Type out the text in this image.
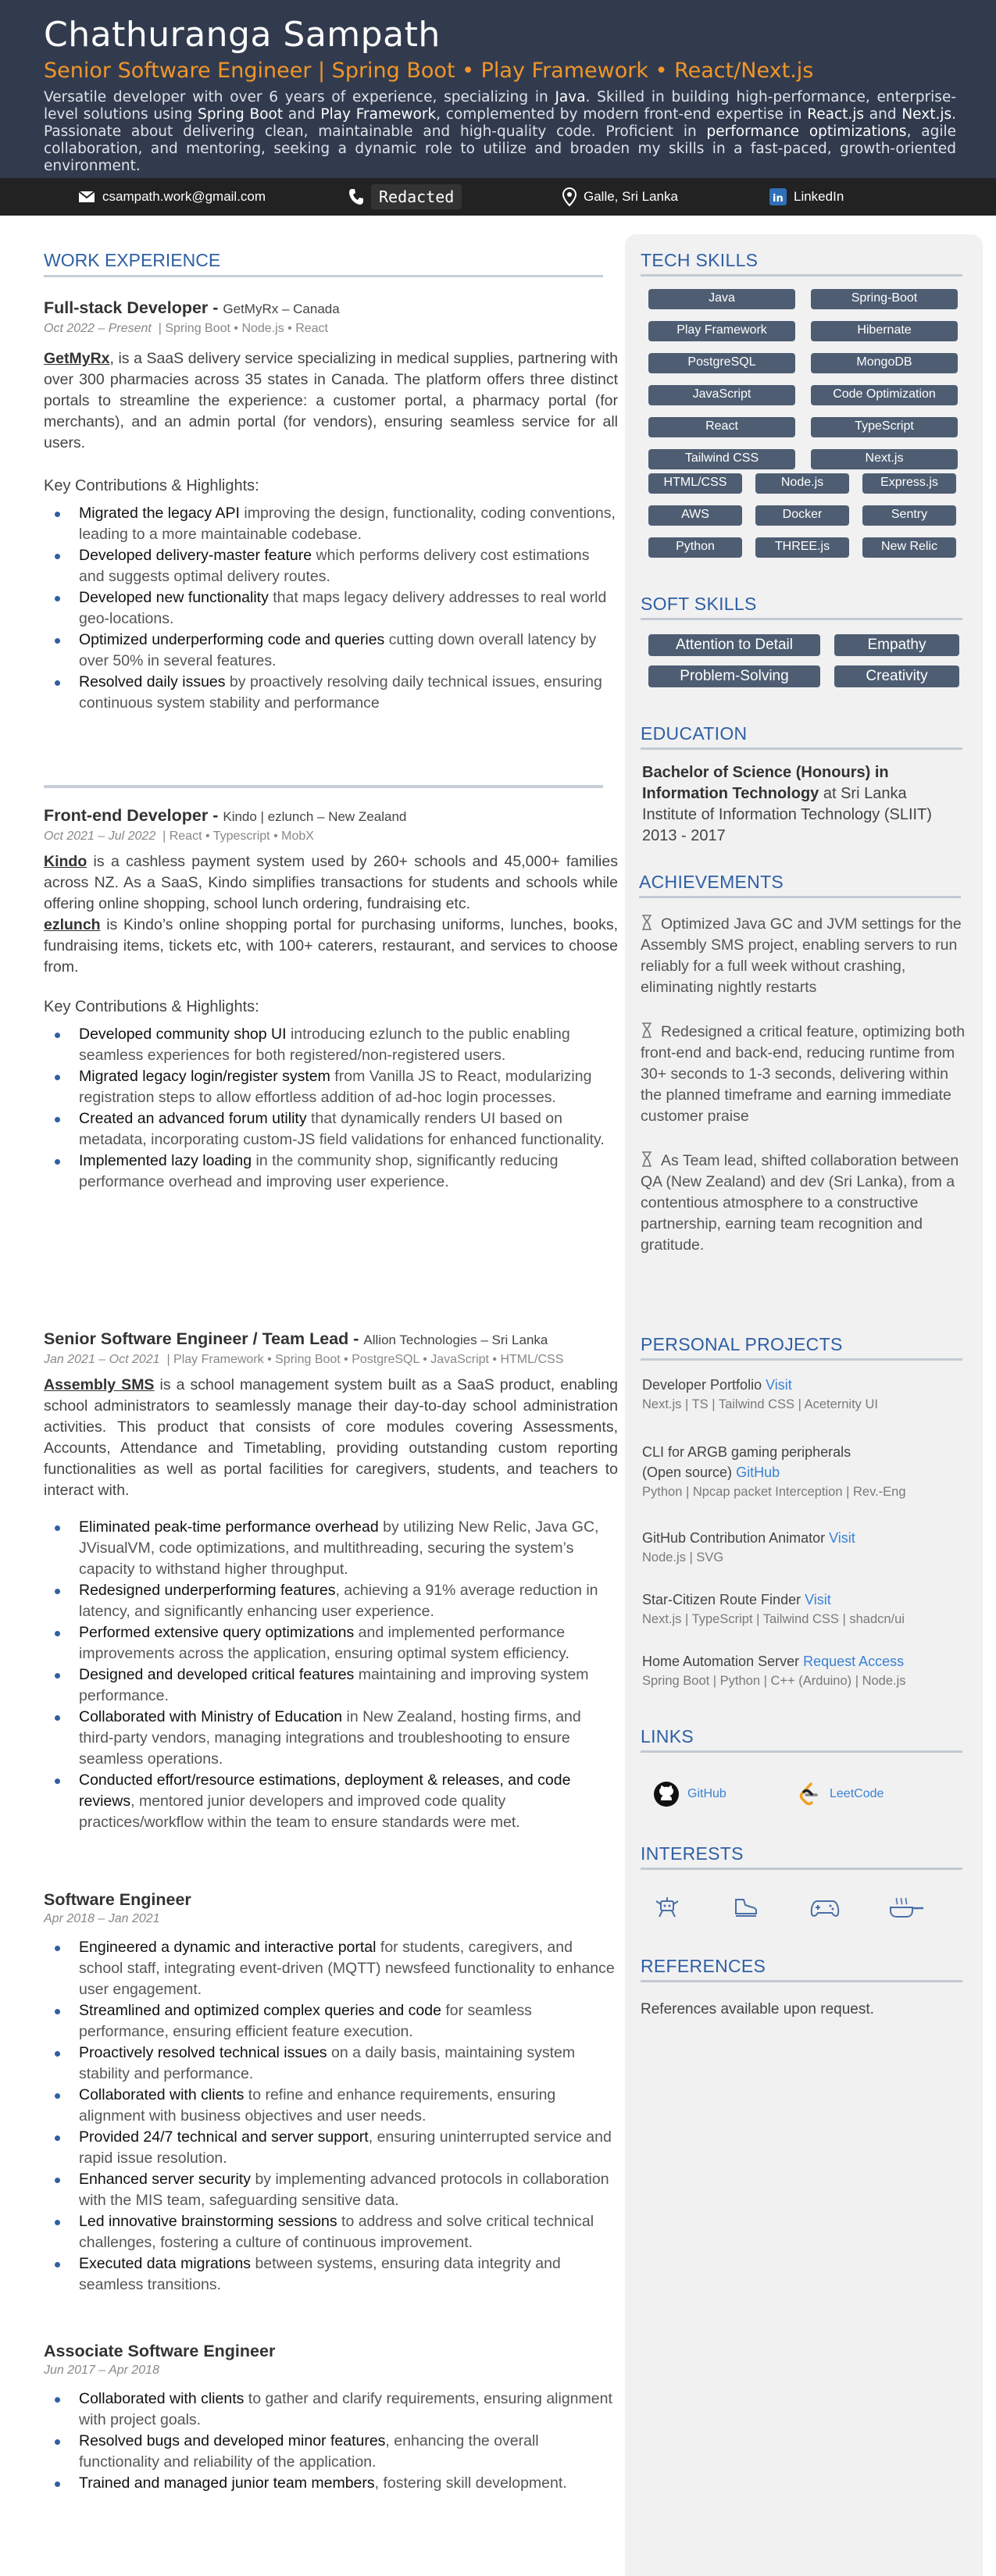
Chathuranga Sampath
Senior Software Engineer | Spring Boot • Play Framework • React/Next.js
Versatile developer with over 6 years of experience, specializing in Java. Skilled in building high-performance, enterprise-level solutions using Spring Boot and Play Framework, complemented by modern front-end expertise in React.js and Next.js. Passionate about delivering clean, maintainable and high-quality code. Proficient in performance optimizations, agile collaboration, and mentoring, seeking a dynamic role to utilize and broaden my skills in a fast-paced, growth-oriented environment.
csampath.work@gmail.com	Redacted	Galle, Sri Lanka	in LinkedIn
TECH SKILLS
Java	Spring-Boot
Play Framework	Hibernate
PostgreSQL	MongoDB
JavaScript	Code Optimization
React	TypeScript
Tailwind CSS	Next.js
HTML/CSS	Node.js	Express.js
AWS	Docker	Sentry
Python	THREE.js	New Relic
SOFT SKILLS
Attention to Detail	Empathy
Problem-Solving	Creativity
EDUCATION
Bachelor of Science (Honours) in Information Technology at Sri Lanka Institute of Information Technology (SLIIT)
2013 - 2017
ACHIEVEMENTS
Optimized Java GC and JVM settings for the Assembly SMS project, enabling servers to run reliably for a full week without crashing, eliminating nightly restarts
Redesigned a critical feature, optimizing both front-end and back-end, reducing runtime from 30+ seconds to 1-3 seconds, delivering within the planned timeframe and earning immediate customer praise
As Team lead, shifted collaboration between QA (New Zealand) and dev (Sri Lanka), from a contentious atmosphere to a constructive partnership, earning team recognition and gratitude.
PERSONAL PROJECTS
Developer Portfolio Visit
Next.js | TS | Tailwind CSS | Aceternity UI
CLI for ARGB gaming peripherals
(Open source) GitHub
Python | Npcap packet Interception | Rev.-Eng
GitHub Contribution Animator Visit
Node.js | SVG
Star-Citizen Route Finder Visit
Next.js | TypeScript | Tailwind CSS | shadcn/ui
Home Automation Server Request Access
Spring Boot | Python | C++ (Arduino) | Node.js
LINKS
GitHub	LeetCode
INTERESTS
REFERENCES
References available upon request.
WORK EXPERIENCE
Full-stack Developer - GetMyRx – Canada
Oct 2022 – Present | Spring Boot • Node.js • React
GetMyRx, is a SaaS delivery service specializing in medical supplies, partnering with over 300 pharmacies across 35 states in Canada. The platform offers three distinct portals to streamline the experience: a customer portal, a pharmacy portal (for merchants), and an admin portal (for vendors), ensuring seamless service for all users.
Key Contributions & Highlights:
Migrated the legacy API improving the design, functionality, coding conventions, leading to a more maintainable codebase.
Developed delivery-master feature which performs delivery cost estimations and suggests optimal delivery routes.
Developed new functionality that maps legacy delivery addresses to real world geo-locations.
Optimized underperforming code and queries cutting down overall latency by over 50% in several features.
Resolved daily issues by proactively resolving daily technical issues, ensuring continuous system stability and performance
Front-end Developer - Kindo | ezlunch – New Zealand
Oct 2021 – Jul 2022 | React • Typescript • MobX
Kindo is a cashless payment system used by 260+ schools and 45,000+ families across NZ. As a SaaS, Kindo simplifies transactions for students and schools while offering online shopping, school lunch ordering, fundraising etc.
ezlunch is Kindo’s online shopping portal for purchasing uniforms, lunches, books, fundraising items, tickets etc, with 100+ caterers, restaurant, and services to choose from.
Key Contributions & Highlights:
Developed community shop UI introducing ezlunch to the public enabling seamless experiences for both registered/non-registered users.
Migrated legacy login/register system from Vanilla JS to React, modularizing registration steps to allow effortless addition of ad-hoc login processes.
Created an advanced forum utility that dynamically renders UI based on metadata, incorporating custom-JS field validations for enhanced functionality.
Implemented lazy loading in the community shop, significantly reducing performance overhead and improving user experience.
Senior Software Engineer / Team Lead - Allion Technologies – Sri Lanka
Jan 2021 – Oct 2021 | Play Framework • Spring Boot • PostgreSQL • JavaScript • HTML/CSS
Assembly SMS is a school management system built as a SaaS product, enabling school administrators to seamlessly manage their day-to-day school administration activities. This product that consists of core modules covering Assessments, Accounts, Attendance and Timetabling, providing outstanding custom reporting functionalities as well as portal facilities for caregivers, students, and teachers to interact with.
Eliminated peak-time performance overhead by utilizing New Relic, Java GC, JVisualVM, code optimizations, and multithreading, securing the system’s capacity to withstand higher throughput.
Redesigned underperforming features, achieving a 91% average reduction in latency, and significantly enhancing user experience.
Performed extensive query optimizations and implemented performance improvements across the application, ensuring optimal system efficiency.
Designed and developed critical features maintaining and improving system performance.
Collaborated with Ministry of Education in New Zealand, hosting firms, and third-party vendors, managing integrations and troubleshooting to ensure seamless operations.
Conducted effort/resource estimations, deployment & releases, and code reviews, mentored junior developers and improved code quality practices/workflow within the team to ensure standards were met.
Software Engineer
Apr 2018 – Jan 2021
Engineered a dynamic and interactive portal for students, caregivers, and school staff, integrating event-driven (MQTT) newsfeed functionality to enhance user engagement.
Streamlined and optimized complex queries and code for seamless performance, ensuring efficient feature execution.
Proactively resolved technical issues on a daily basis, maintaining system stability and performance.
Collaborated with clients to refine and enhance requirements, ensuring alignment with business objectives and user needs.
Provided 24/7 technical and server support, ensuring uninterrupted service and rapid issue resolution.
Enhanced server security by implementing advanced protocols in collaboration with the MIS team, safeguarding sensitive data.
Led innovative brainstorming sessions to address and solve critical technical challenges, fostering a culture of continuous improvement.
Executed data migrations between systems, ensuring data integrity and seamless transitions.
Associate Software Engineer
Jun 2017 – Apr 2018
Collaborated with clients to gather and clarify requirements, ensuring alignment with project goals.
Resolved bugs and developed minor features, enhancing the overall functionality and reliability of the application.
Trained and managed junior team members, fostering skill development.
